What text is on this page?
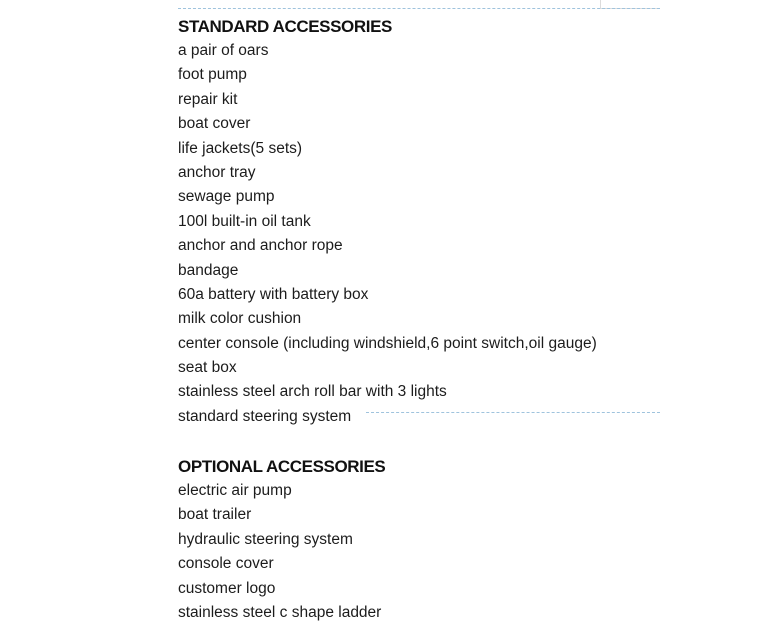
STANDARD ACCESSORIES
a pair of oars
foot pump
repair kit
boat cover
life jackets(5 sets)
anchor tray
sewage pump
100l built-in oil tank
anchor and anchor rope
bandage
60a battery with battery box
milk color cushion
center console (including windshield,6 point switch,oil gauge)
seat box
stainless steel arch roll bar with 3 lights
standard steering system
OPTIONAL ACCESSORIES
electric air pump
boat trailer
hydraulic steering system
console cover
customer logo
stainless steel c shape ladder
